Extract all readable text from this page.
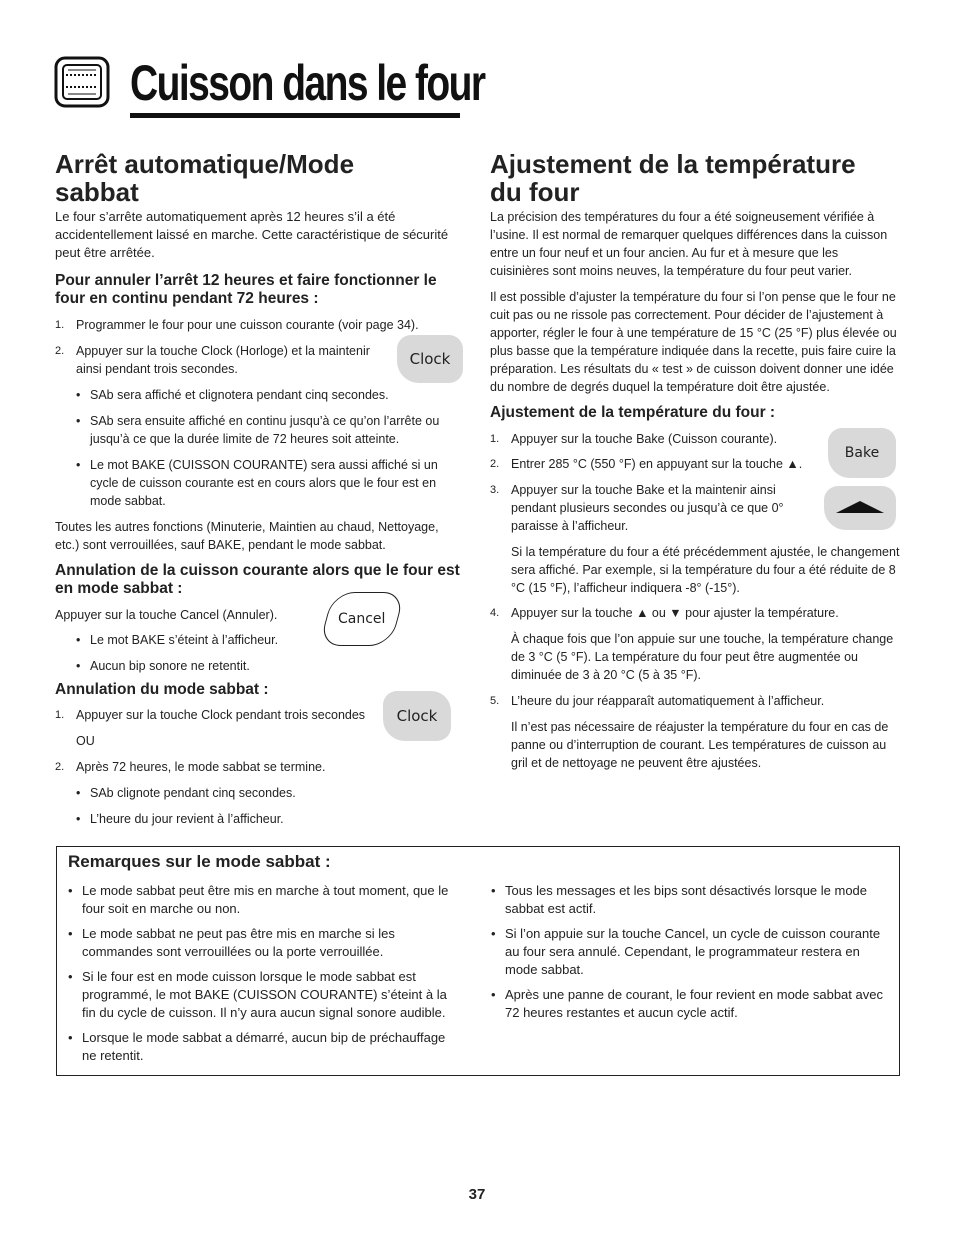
Cuisson dans le four
Arrêt automatique/Mode sabbat

Le four s’arrête automatiquement après 12 heures s’il a été accidentellement laissé en marche. Cette caractéristique de sécurité peut être arrêtée.

Pour annuler l’arrêt 12 heures et faire fonctionner le four en continu pendant 72 heures :

1. Programmer le four pour une cuisson courante (voir page 34).
2. Appuyer sur la touche Clock (Horloge) et la maintenir ainsi pendant trois secondes.
• SAb sera affiché et clignotera pendant cinq secondes.
• SAb sera ensuite affiché en continu jusqu’à ce qu’on l’arrête ou jusqu’à ce que la durée limite de 72 heures soit atteinte.
• Le mot BAKE (CUISSON COURANTE) sera aussi affiché si un cycle de cuisson courante est en cours alors que le four est en mode sabbat.

Toutes les autres fonctions (Minuterie, Maintien au chaud, Nettoyage, etc.) sont verrouillées, sauf BAKE, pendant le mode sabbat.

Annulation de la cuisson courante alors que le four est en mode sabbat :

Appuyer sur la touche Cancel (Annuler).

• Le mot BAKE s’éteint à l’afficheur.
• Aucun bip sonore ne retentit.

Annulation du mode sabbat :

1. Appuyer sur la touche Clock pendant trois secondes
OU
2. Après 72 heures, le mode sabbat se termine.
• SAb clignote pendant cinq secondes.
• L’heure du jour revient à l’afficheur.
Clock
Cancel
Clock
Ajustement de la température du four

La précision des températures du four a été soigneusement vérifiée à l’usine. Il est normal de remarquer quelques différences dans la cuisson entre un four neuf et un four ancien. Au fur et à mesure que les cuisinières sont moins neuves, la température du four peut varier.

Il est possible d’ajuster la température du four si l’on pense que le four ne cuit pas ou ne rissole pas correctement. Pour décider de l’ajustement à apporter, régler le four à une température de 15 °C (25 °F) plus élevée ou plus basse que la température indiquée dans la recette, puis faire cuire la préparation. Les résultats du « test » de cuisson doivent donner une idée du nombre de degrés duquel la température doit être ajustée.

Ajustement de la température du four :

1. Appuyer sur la touche Bake (Cuisson courante).
2. Entrer 285 °C (550 °F) en appuyant sur la touche ▲.
3. Appuyer sur la touche Bake et la maintenir ainsi pendant plusieurs secondes ou jusqu’à ce que 0° paraisse à l’afficheur.
Si la température du four a été précédemment ajustée, le changement sera affiché. Par exemple, si la température du four a été réduite de 8 °C (15 °F), l’afficheur indiquera -8° (-15°).
4. Appuyer sur la touche ▲ ou ▼ pour ajuster la température.
À chaque fois que l’on appuie sur une touche, la température change de 3 °C (5 °F). La température du four peut être augmentée ou diminuée de 3 à 20 °C (5 à 35 °F).
5. L’heure du jour réapparaît automatiquement à l’afficheur.
Il n’est pas nécessaire de réajuster la température du four en cas de panne ou d’interruption de courant. Les températures de cuisson au gril et de nettoyage ne peuvent être ajustées.
Bake
Remarques sur le mode sabbat :
• Le mode sabbat peut être mis en marche à tout moment, que le four soit en marche ou non.
• Le mode sabbat ne peut pas être mis en marche si les commandes sont verrouillées ou la porte verrouillée.
• Si le four est en mode cuisson lorsque le mode sabbat est programmé, le mot BAKE (CUISSON COURANTE) s’éteint à la fin du cycle de cuisson. Il n’y aura aucun signal sonore audible.
• Lorsque le mode sabbat a démarré, aucun bip de préchauffage ne retentit.
• Tous les messages et les bips sont désactivés lorsque le mode sabbat est actif.
• Si l’on appuie sur la touche Cancel, un cycle de cuisson courante au four sera annulé. Cependant, le programmateur restera en mode sabbat.
• Après une panne de courant, le four revient en mode sabbat avec 72 heures restantes et aucun cycle actif.
37
